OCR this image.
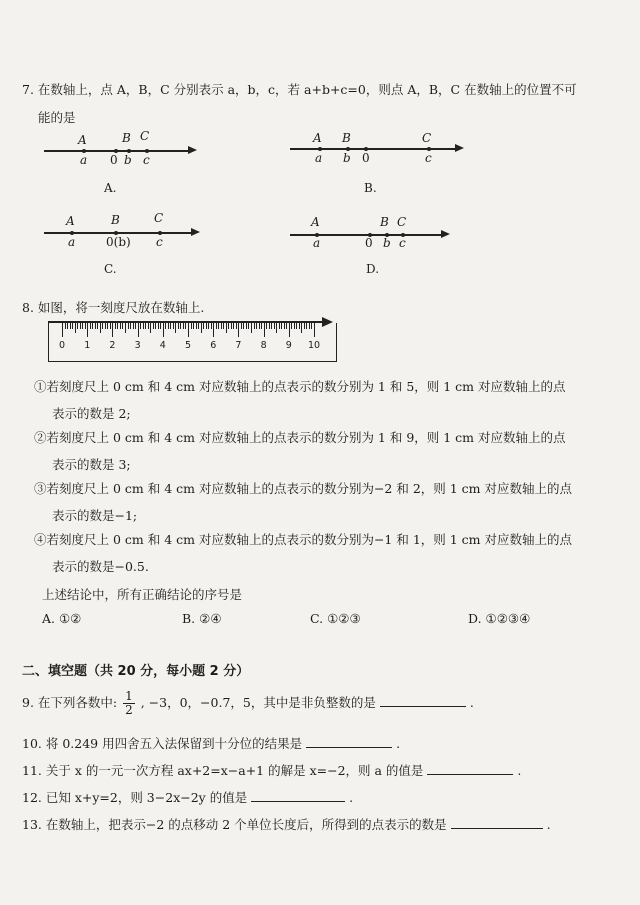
7. 在数轴上，点 A，B，C 分别表示 a，b，c，若 a+b+c=0，则点 A，B，C 在数轴上的位置不可
能的是
A	B C
a 0 b c
A.
A B	C
a b 0	c
B.
A	B	C
a	0(b) c
C.
A	B C
a	0 b c
D.
8. 如图，将一刻度尺放在数轴上.
0 1 2 3 4 5 6 7 8 9 10
①若刻度尺上 0 cm 和 4 cm 对应数轴上的点表示的数分别为 1 和 5，则 1 cm 对应数轴上的点
表示的数是 2;
②若刻度尺上 0 cm 和 4 cm 对应数轴上的点表示的数分别为 1 和 9，则 1 cm 对应数轴上的点
表示的数是 3;
③若刻度尺上 0 cm 和 4 cm 对应数轴上的点表示的数分别为−2 和 2，则 1 cm 对应数轴上的点
表示的数是−1;
④若刻度尺上 0 cm 和 4 cm 对应数轴上的点表示的数分别为−1 和 1，则 1 cm 对应数轴上的点
表示的数是−0.5.
上述结论中，所有正确结论的序号是
A. ①②	B. ②④	C. ①②③	D. ①②③④
二、填空题（共 20 分，每小题 2 分）
9. 在下列各数中: $\frac{1}{2}$ , −3，0，−0.7，5，其中是非负整数的是	.
10. 将 0.249 用四舍五入法保留到十分位的结果是	.
11. 关于 x 的一元一次方程 ax+2=x−a+1 的解是 x=−2，则 a 的值是	.
12. 已知 x+y=2，则 3−2x−2y 的值是	.
13. 在数轴上，把表示−2 的点移动 2 个单位长度后，所得到的点表示的数是	.
